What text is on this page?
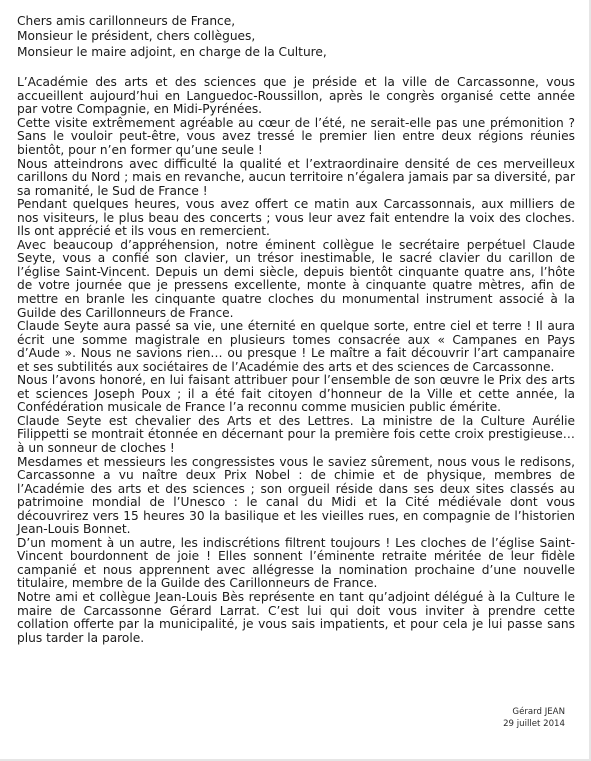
Chers amis carillonneurs de France,

Monsieur le président, chers collègues,

Monsieur le maire adjoint, en charge de la Culture,

L’Académie des arts et des sciences que je préside et la ville de Carcassonne, vous accueillent aujourd’hui en Languedoc-Roussillon, après le congrès organisé cette année par votre Compagnie, en Midi-Pyrénées.

Cette visite extrêmement agréable au cœur de l’été, ne serait-elle pas une prémonition ? Sans le vouloir peut-être, vous avez tressé le premier lien entre deux régions réunies bientôt, pour n’en former qu’une seule !

Nous atteindrons avec difficulté la qualité et l’extraordinaire densité de ces merveilleux carillons du Nord ; mais en revanche, aucun territoire n’égalera jamais par sa diversité, par sa romanité, le Sud de France !

Pendant quelques heures, vous avez offert ce matin aux Carcassonnais, aux milliers de nos visiteurs, le plus beau des concerts ; vous leur avez fait entendre la voix des cloches. Ils ont apprécié et ils vous en remercient.

Avec beaucoup d’appréhension, notre éminent collègue le secrétaire perpétuel Claude Seyte, vous a confié son clavier, un trésor inestimable, le sacré clavier du carillon de l’église Saint-Vincent. Depuis un demi siècle, depuis bientôt cinquante quatre ans, l’hôte de votre journée que je pressens excellente, monte à cinquante quatre mètres, afin de mettre en branle les cinquante quatre cloches du monumental instrument associé à la Guilde des Carillonneurs de France.

Claude Seyte aura passé sa vie, une éternité en quelque sorte, entre ciel et terre ! Il aura écrit une somme magistrale en plusieurs tomes consacrée aux « Campanes en Pays d’Aude ». Nous ne savions rien… ou presque ! Le maître a fait découvrir l’art campanaire et ses subtilités aux sociétaires de l’Académie des arts et des sciences de Carcassonne.

Nous l’avons honoré, en lui faisant attribuer pour l’ensemble de son œuvre le Prix des arts et sciences Joseph Poux ; il a été fait citoyen d’honneur de la Ville et cette année, la Confédération musicale de France l’a reconnu comme musicien public émérite.

Claude Seyte est chevalier des Arts et des Lettres. La ministre de la Culture Aurélie Filippetti se montrait étonnée en décernant pour la première fois cette croix prestigieuse… à un sonneur de cloches !

Mesdames et messieurs les congressistes vous le saviez sûrement, nous vous le redisons, Carcassonne a vu naître deux Prix Nobel : de chimie et de physique, membres de l’Académie des arts et des sciences ; son orgueil réside dans ses deux sites classés au patrimoine mondial de l’Unesco : le canal du Midi et la Cité médiévale dont vous découvrirez vers 15 heures 30 la basilique et les vieilles rues, en compagnie de l’historien Jean-Louis Bonnet.

D’un moment à un autre, les indiscrétions filtrent toujours ! Les cloches de l’église Saint-Vincent bourdonnent de joie ! Elles sonnent l’éminente retraite méritée de leur fidèle campanié et nous apprennent avec allégresse la nomination prochaine d’une nouvelle titulaire, membre de la Guilde des Carillonneurs de France.

Notre ami et collègue Jean-Louis Bès représente en tant qu’adjoint délégué à la Culture le maire de Carcassonne Gérard Larrat. C’est lui qui doit vous inviter à prendre cette collation offerte par la municipalité, je vous sais impatients, et pour cela je lui passe sans plus tarder la parole.

Gérard JEAN
29 juillet 2014
